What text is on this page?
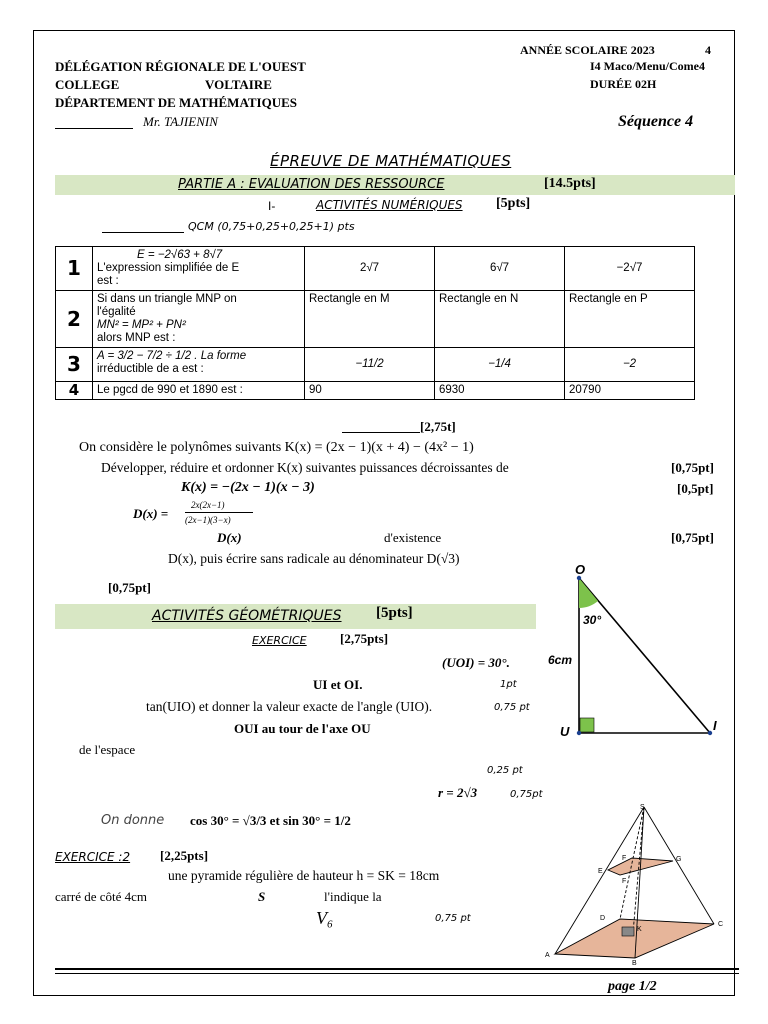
DÉLÉGATION RÉGIONALE DE L'OUEST
COLLEGE	VOLTAIRE
DÉPARTEMENT DE MATHÉMATIQUES
Mr. TAJIENIN
ANNÉE SCOLAIRE 2023	4
I4 Maco/Menu/Come4
DURÉE 02H
Séquence 4
ÉPREUVE DE MATHÉMATIQUES
PARTIE A : EVALUATION DES RESSOURCE	[14.5pts]
I-	ACTIVITÉS NUMÉRIQUES [5pts]
QCM (0,75+0,25+0,25+1) pts
1	E = −2√63 + 8√7
L'expression simplifiée de E
est :	2√7	6√7	−2√7
2	Si dans un triangle MNP on
l'égalité
MN² = MP² + PN²
alors MNP est :	Rectangle en M	Rectangle en N	Rectangle en P
3	A = 3/2 − 7/2 ÷ 1/2 . La forme
irréductible de a est :	−11/2	−1/4	−2
4	Le pgcd de 990 et 1890 est :	90	6930	20790
[2,75t]
On considère le polynômes suivants K(x) = (2x − 1)(x + 4) − (4x² − 1)
Développer, réduire et ordonner K(x) suivantes puissances décroissantes de	[0,75pt]
K(x) = −(2x − 1)(x − 3)	[0,5pt]
D(x) =
2x(2x−1)
(2x−1)(3−x)
D(x)	d'existence	[0,75pt]
D(x), puis écrire sans radicale au dénominateur D(√3)
[0,75pt]
ACTIVITÉS GÉOMÉTRIQUES [5pts]
EXERCICE	[2,75pts]
(UOI) = 30°.
UI et OI.	1pt
tan(UIO) et donner la valeur exacte de l'angle (UIO).	0,75 pt
OUI au tour de l'axe OU
de l'espace
0,25 pt
r = 2√3	0,75pt
On donne cos 30° = √3/3 et sin 30° = 1/2
EXERCICE :2 [2,25pts]
une pyramide régulière de hauteur h = SK = 18cm
carré de côté 4cm	S	l'indique la
V₆	0,75 pt
O
U	I
30°
6cm
S
E
F	G
F
D
K
A
B
C
page 1/2
